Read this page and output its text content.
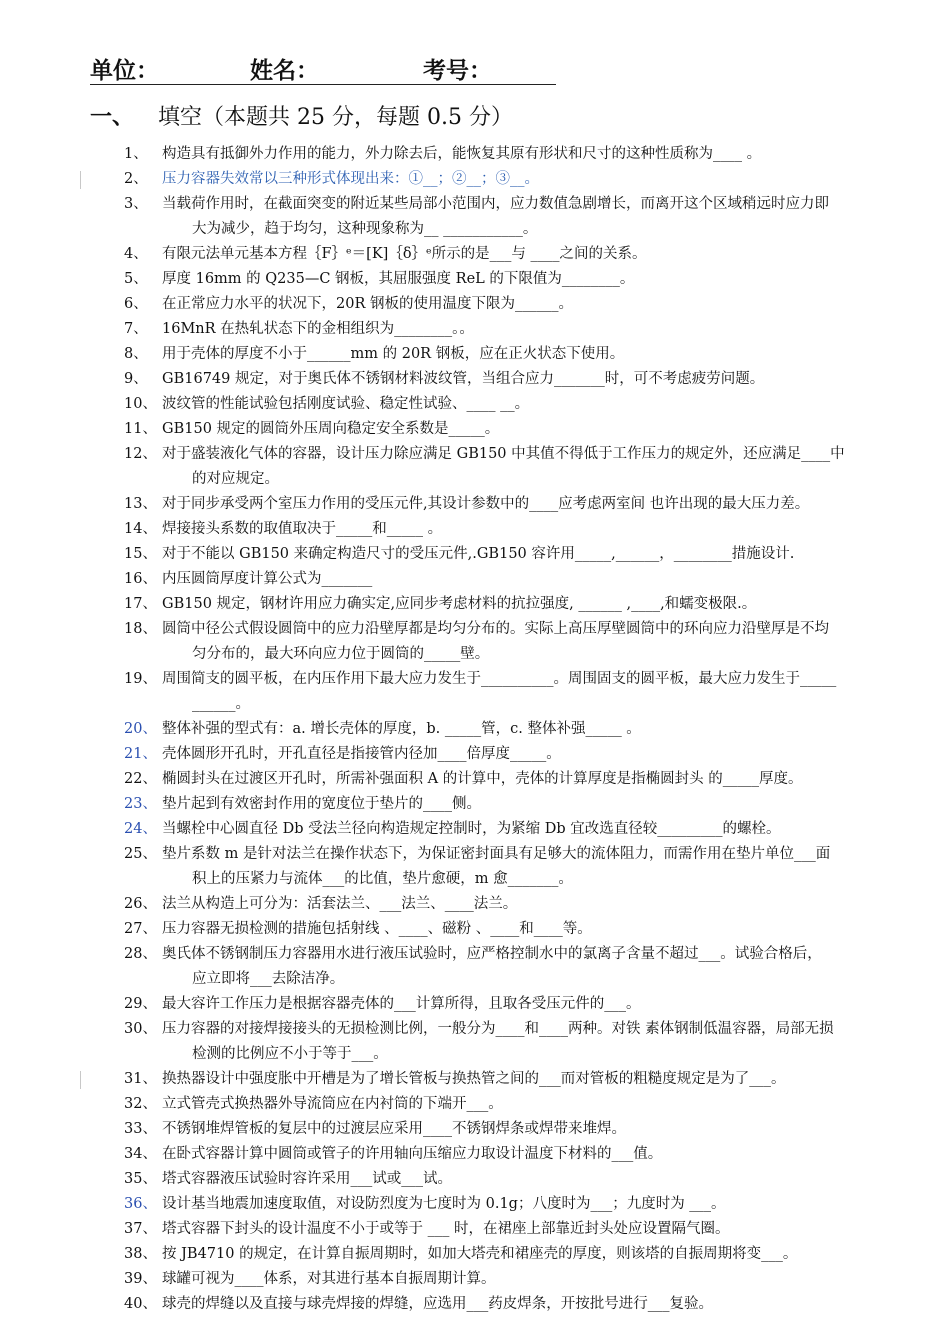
单位：	姓名：	考号：
一、 填空（本题共 25 分，每题 0.5 分）
1、 构造具有抵御外力作用的能力，外力除去后，能恢复其原有形状和尺寸的这种性质称为____ 。
2、 压力容器失效常以三种形式体现出来：①__；②__；③__。
3、 当载荷作用时，在截面突变的附近某些局部小范围内，应力数值急剧增长，而离开这个区域稍远时应力即
大为减少，趋于均匀，这种现象称为__ ___________。
4、 有限元法单元基本方程｛F｝ᵉ＝[K]｛δ｝ᵉ所示的是___与 ____之间的关系。
5、 厚度 16mm 的 Q235—C 钢板，其屈服强度 ReL 的下限值为________。
6、 在正常应力水平的状况下，20R 钢板的使用温度下限为______。
7、 16MnR 在热轧状态下的金相组织为________。。
8、 用于壳体的厚度不小于______mm 的 20R 钢板，应在正火状态下使用。
9、 GB16749 规定，对于奥氏体不锈钢材料波纹管，当组合应力_______时，可不考虑疲劳问题。
10、 波纹管的性能试验包括刚度试验、稳定性试验、____ __。
11、 GB150 规定的圆筒外压周向稳定安全系数是_____。
12、 对于盛装液化气体的容器，设计压力除应满足 GB150 中其值不得低于工作压力的规定外，还应满足____中
的对应规定。
13、 对于同步承受两个室压力作用的受压元件,其设计参数中的____应考虑两室间 也许出现的最大压力差。
14、 焊接接头系数的取值取决于_____和_____ 。
15、 对于不能以 GB150 来确定构造尺寸的受压元件,.GB150 容许用_____,______，________措施设计.
16、 内压圆筒厚度计算公式为_______
17、 GB150 规定，钢材许用应力确实定,应同步考虑材料的抗拉强度, ______ ,____,和蠕变极限.。
18、 圆筒中径公式假设圆筒中的应力沿壁厚都是均匀分布的。实际上高压厚壁圆筒中的环向应力沿壁厚是不均
匀分布的，最大环向应力位于圆筒的_____壁。
19、 周围简支的圆平板，在内压作用下最大应力发生于__________。周围固支的圆平板，最大应力发生于_____
______。
20、 整体补强的型式有：a. 增长壳体的厚度，b. _____管，c. 整体补强_____ 。
21、 壳体圆形开孔时，开孔直径是指接管内径加____倍厚度_____。
22、 椭圆封头在过渡区开孔时，所需补强面积 A 的计算中，壳体的计算厚度是指椭圆封头 的_____厚度。
23、 垫片起到有效密封作用的宽度位于垫片的____侧。
24、 当螺栓中心圆直径 Db 受法兰径向构造规定控制时，为紧缩 Db 宜改选直径较_________的螺栓。
25、 垫片系数 m 是针对法兰在操作状态下，为保证密封面具有足够大的流体阻力，而需作用在垫片单位___面
积上的压紧力与流体___的比值，垫片愈硬，m 愈_______。
26、 法兰从构造上可分为：活套法兰、___法兰、____法兰。
27、 压力容器无损检测的措施包括射线 、____、磁粉 、____和____等。
28、 奥氏体不锈钢制压力容器用水进行液压试验时，应严格控制水中的氯离子含量不超过___。试验合格后，
应立即将___去除洁净。
29、 最大容许工作压力是根据容器壳体的___计算所得，且取各受压元件的___。
30、 压力容器的对接焊接接头的无损检测比例，一般分为____和____两种。对铁 素体钢制低温容器，局部无损
检测的比例应不小于等于___。
31、 换热器设计中强度胀中开槽是为了增长管板与换热管之间的___而对管板的粗糙度规定是为了___。
32、 立式管壳式换热器外导流筒应在内衬筒的下端开___。
33、 不锈钢堆焊管板的复层中的过渡层应采用____不锈钢焊条或焊带来堆焊。
34、 在卧式容器计算中圆筒或管子的许用轴向压缩应力取设计温度下材料的___值。
35、 塔式容器液压试验时容许采用___试或___试。
36、 设计基当地震加速度取值，对设防烈度为七度时为 0.1g；八度时为___；九度时为 ___。
37、 塔式容器下封头的设计温度不小于或等于 ___ 时，在裙座上部靠近封头处应设置隔气圈。
38、 按 JB4710 的规定，在计算自振周期时，如加大塔壳和裙座壳的厚度，则该塔的自振周期将变___。
39、 球罐可视为____体系，对其进行基本自振周期计算。
40、 球壳的焊缝以及直接与球壳焊接的焊缝，应选用___药皮焊条，开按批号进行___复验。
